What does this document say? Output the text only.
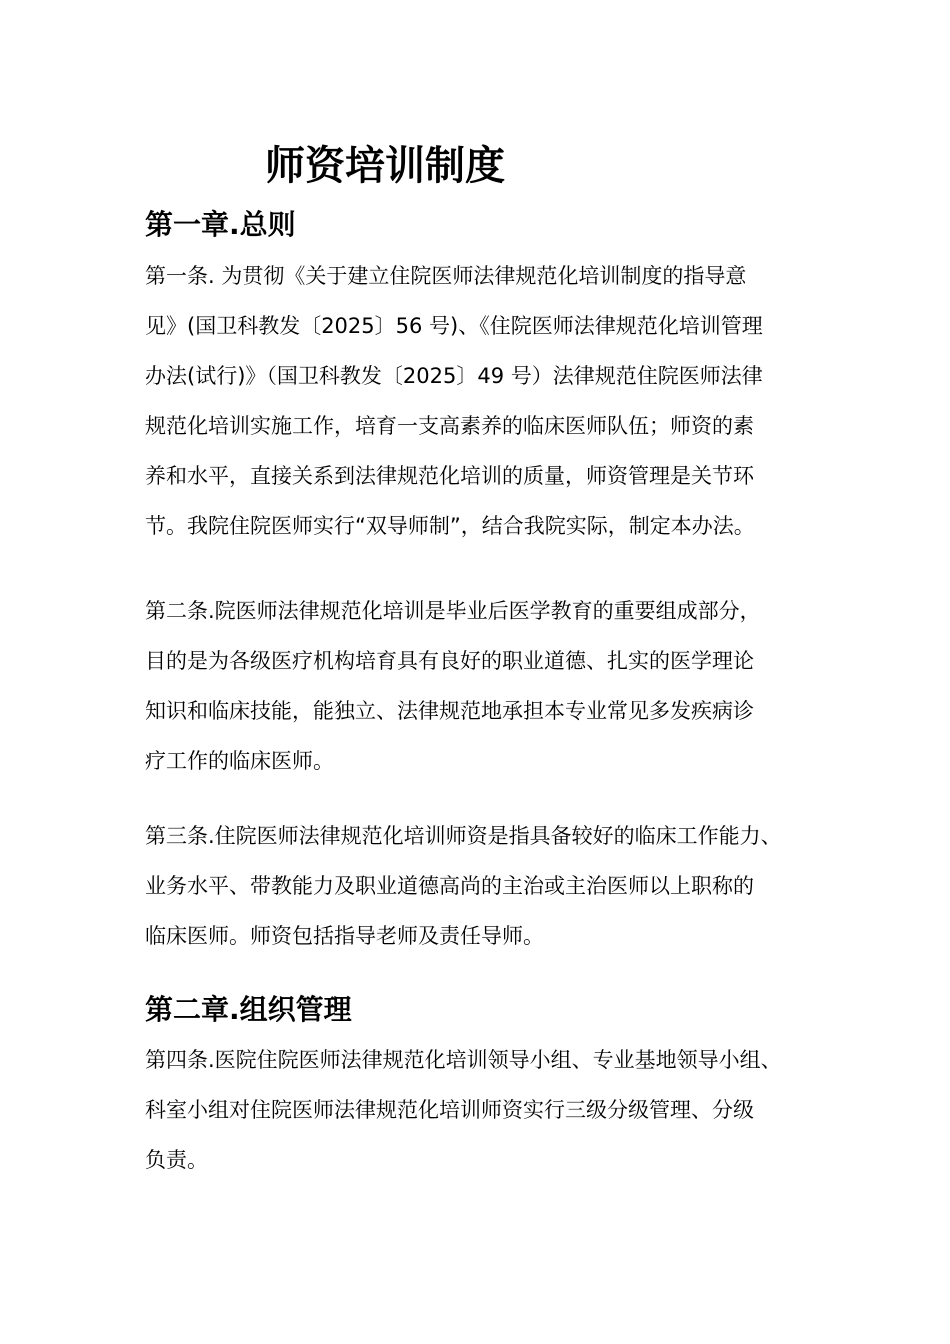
师资培训制度
第一章.总则

第一条. 为贯彻《关于建立住院医师法律规范化培训制度的指导意
见》(国卫科教发〔2025〕56 号)、《住院医师法律规范化培训管理
办法(试行)》（国卫科教发〔2025〕49 号）法律规范住院医师法律
规范化培训实施工作，培育一支高素养的临床医师队伍；师资的素
养和水平，直接关系到法律规范化培训的质量，师资管理是关节环
节。我院住院医师实行“双导师制”，结合我院实际，制定本办法。

第二条.院医师法律规范化培训是毕业后医学教育的重要组成部分，
目的是为各级医疗机构培育具有良好的职业道德、扎实的医学理论
知识和临床技能，能独立、法律规范地承担本专业常见多发疾病诊
疗工作的临床医师。

第三条.住院医师法律规范化培训师资是指具备较好的临床工作能力、
业务水平、带教能力及职业道德高尚的主治或主治医师以上职称的
临床医师。师资包括指导老师及责任导师。

第二章.组织管理

第四条.医院住院医师法律规范化培训领导小组、专业基地领导小组、
科室小组对住院医师法律规范化培训师资实行三级分级管理、分级
负责。
